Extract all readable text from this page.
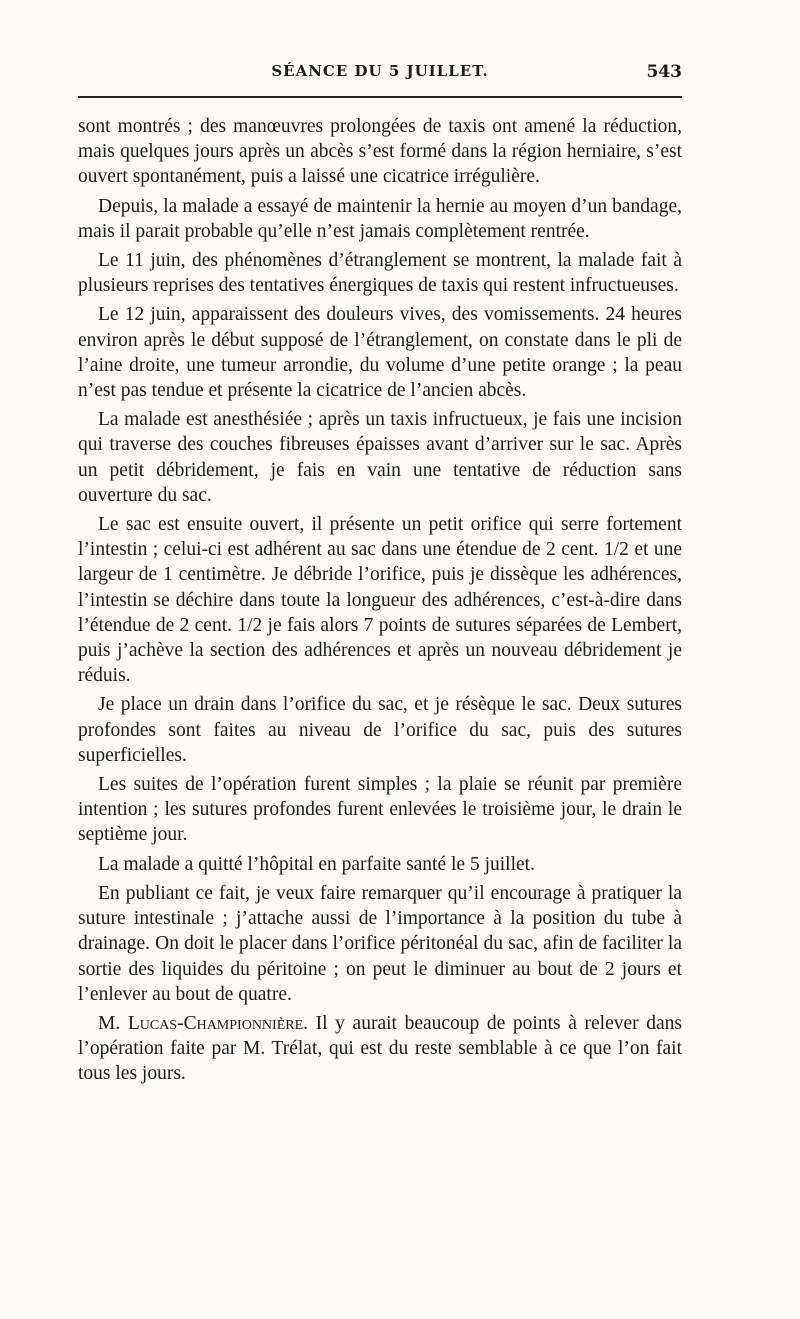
SÉANCE DU 5 JUILLET.	543

sont montrés ; des manœuvres prolongées de taxis ont amené la réduction, mais quelques jours après un abcès s’est formé dans la région herniaire, s’est ouvert spontanément, puis a laissé une cicatrice irrégulière.

Depuis, la malade a essayé de maintenir la hernie au moyen d’un bandage, mais il parait probable qu’elle n’est jamais complètement rentrée.

Le 11 juin, des phénomènes d’étranglement se montrent, la malade fait à plusieurs reprises des tentatives énergiques de taxis qui restent infructueuses.

Le 12 juin, apparaissent des douleurs vives, des vomissements. 24 heures environ après le début supposé de l’étranglement, on constate dans le pli de l’aine droite, une tumeur arrondie, du volume d’une petite orange ; la peau n’est pas tendue et présente la cicatrice de l’ancien abcès.

La malade est anesthésiée ; après un taxis infructueux, je fais une incision qui traverse des couches fibreuses épaisses avant d’arriver sur le sac. Après un petit débridement, je fais en vain une tentative de réduction sans ouverture du sac.

Le sac est ensuite ouvert, il présente un petit orifice qui serre fortement l’intestin ; celui-ci est adhérent au sac dans une étendue de 2 cent. 1/2 et une largeur de 1 centimètre. Je débride l’orifice, puis je dissèque les adhérences, l’intestin se déchire dans toute la longueur des adhérences, c’est-à-dire dans l’étendue de 2 cent. 1/2 je fais alors 7 points de sutures séparées de Lembert, puis j’achève la section des adhérences et après un nouveau débridement je réduis.

Je place un drain dans l’orifice du sac, et je résèque le sac. Deux sutures profondes sont faites au niveau de l’orifice du sac, puis des sutures superficielles.

Les suites de l’opération furent simples ; la plaie se réunit par première intention ; les sutures profondes furent enlevées le troisième jour, le drain le septième jour.

La malade a quitté l’hôpital en parfaite santé le 5 juillet.

En publiant ce fait, je veux faire remarquer qu’il encourage à pratiquer la suture intestinale ; j’attache aussi de l’importance à la position du tube à drainage. On doit le placer dans l’orifice péritonéal du sac, afin de faciliter la sortie des liquides du péritoine ; on peut le diminuer au bout de 2 jours et l’enlever au bout de quatre.

M. Lucas-Championnière. Il y aurait beaucoup de points à relever dans l’opération faite par M. Trélat, qui est du reste semblable à ce que l’on fait tous les jours.
